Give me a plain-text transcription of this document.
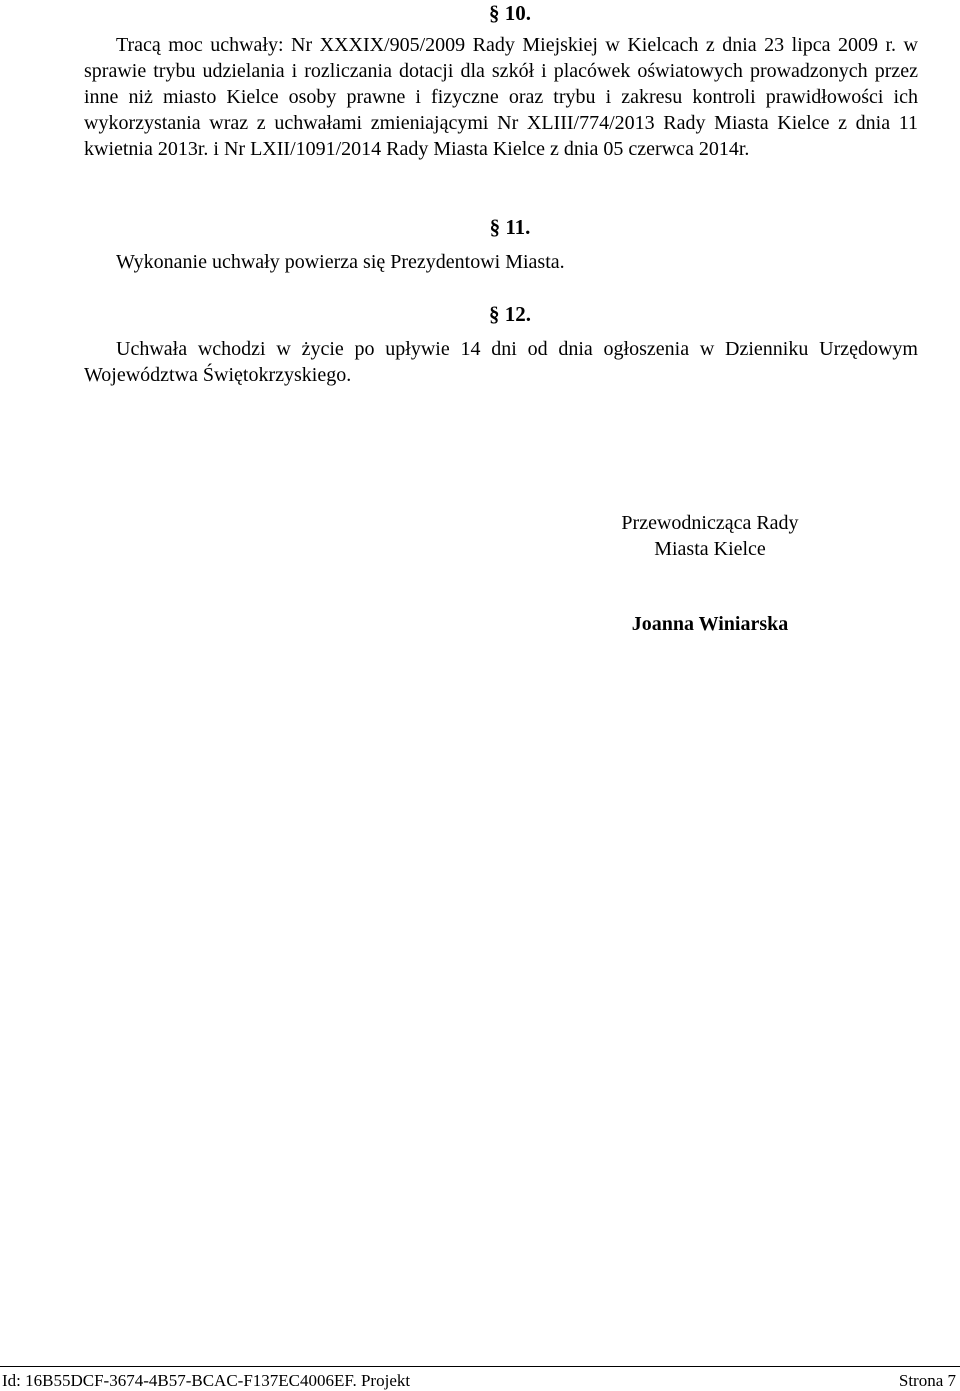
§ 10.

Tracą moc uchwały: Nr XXXIX/905/2009 Rady Miejskiej w Kielcach z dnia 23 lipca 2009 r. w sprawie trybu udzielania i rozliczania dotacji dla szkół i placówek oświatowych prowadzonych przez inne niż miasto Kielce osoby prawne i fizyczne oraz trybu i zakresu kontroli prawidłowości ich wykorzystania wraz z uchwałami zmieniającymi Nr XLIII/774/2013 Rady Miasta Kielce z dnia 11 kwietnia 2013r. i Nr LXII/1091/2014 Rady Miasta Kielce z dnia 05 czerwca 2014r.

§ 11.

Wykonanie uchwały powierza się Prezydentowi Miasta.

§ 12.

Uchwała wchodzi w życie po upływie 14 dni od dnia ogłoszenia w Dzienniku Urzędowym Województwa Świętokrzyskiego.

Przewodnicząca Rady
Miasta Kielce
Joanna Winiarska
Id: 16B55DCF-3674-4B57-BCAC-F137EC4006EF. Projekt	Strona 7
